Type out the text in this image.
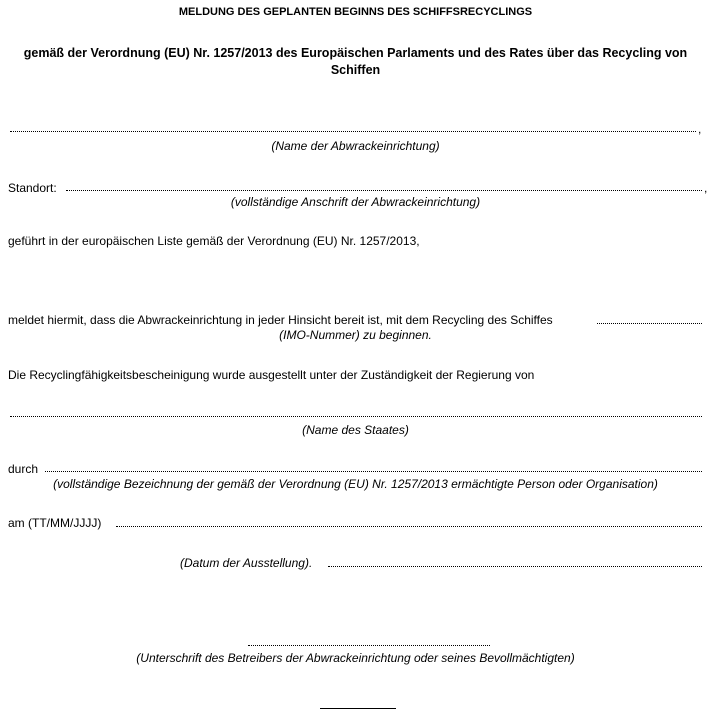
MELDUNG DES GEPLANTEN BEGINNS DES SCHIFFSRECYCLINGS
gemäß der Verordnung (EU) Nr. 1257/2013 des Europäischen Parlaments und des Rates über das Recycling von Schiffen
,
(Name der Abwrackeinrichtung)
Standort:	,
(vollständige Anschrift der Abwrackeinrichtung)
geführt in der europäischen Liste gemäß der Verordnung (EU) Nr. 1257/2013,
meldet hiermit, dass die Abwrackeinrichtung in jeder Hinsicht bereit ist, mit dem Recycling des Schiffes
(IMO-Nummer) zu beginnen.
Die Recyclingfähigkeitsbescheinigung wurde ausgestellt unter der Zuständigkeit der Regierung von
(Name des Staates)
durch
(vollständige Bezeichnung der gemäß der Verordnung (EU) Nr. 1257/2013 ermächtigte Person oder Organisation)
am (TT/MM/JJJJ)
(Datum der Ausstellung).
(Unterschrift des Betreibers der Abwrackeinrichtung oder seines Bevollmächtigten)
